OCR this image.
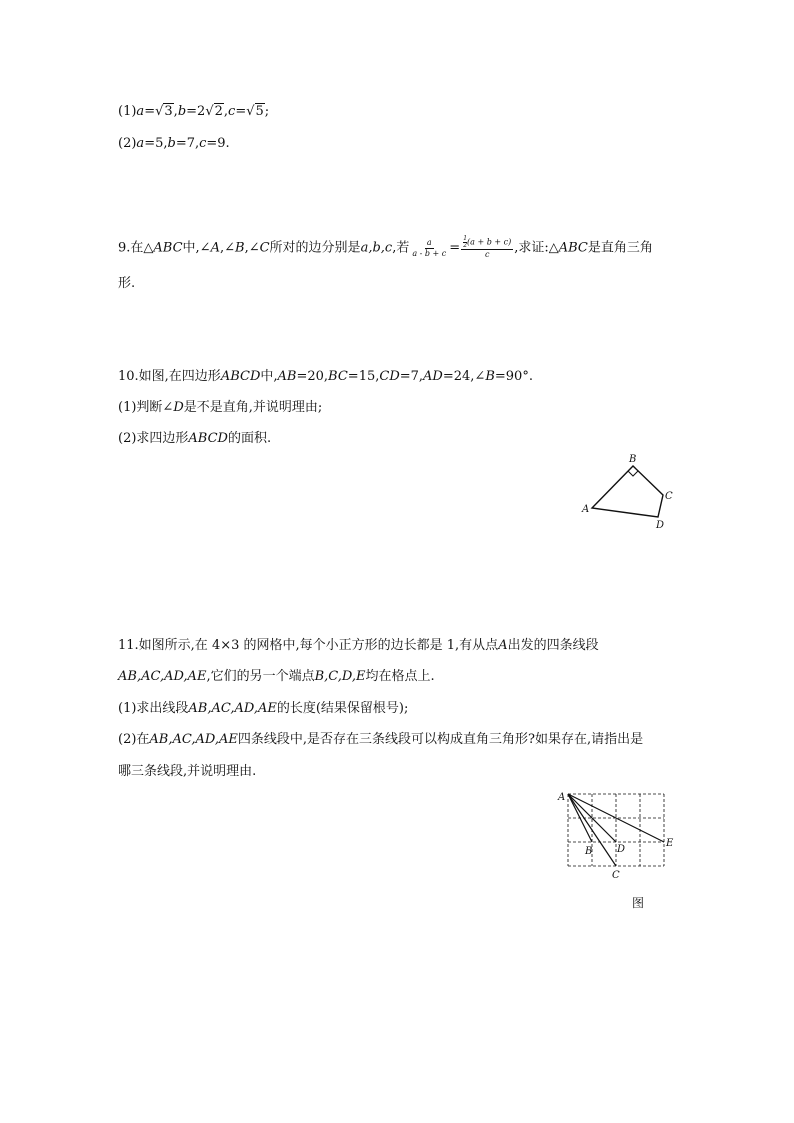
(1)a=√3,b=2√2,c=√5;
(2)a=5,b=7,c=9.
9.在△ABC中,∠A,∠B,∠C所对的边分别是a,b,c,若 $\frac{a}{a - b + c} = \frac{\frac{1}{2} (a + b + c)}{c}$ ,求证:△ABC是直角三角
形.
10.如图,在四边形ABCD中,AB=20,BC=15,CD=7,AD=24,∠B=90°.
(1)判断∠D是不是直角,并说明理由;
(2)求四边形ABCD的面积.
A
B
C
D
11.如图所示,在 4×3 的网格中,每个小正方形的边长都是 1,有从点A出发的四条线段
AB,AC,AD,AE,它们的另一个端点B,C,D,E均在格点上.
(1)求出线段AB,AC,AD,AE的长度(结果保留根号);
(2)在AB,AC,AD,AE四条线段中,是否存在三条线段可以构成直角三角形?如果存在,请指出是
哪三条线段,并说明理由.
A
B
C
D
E
图
